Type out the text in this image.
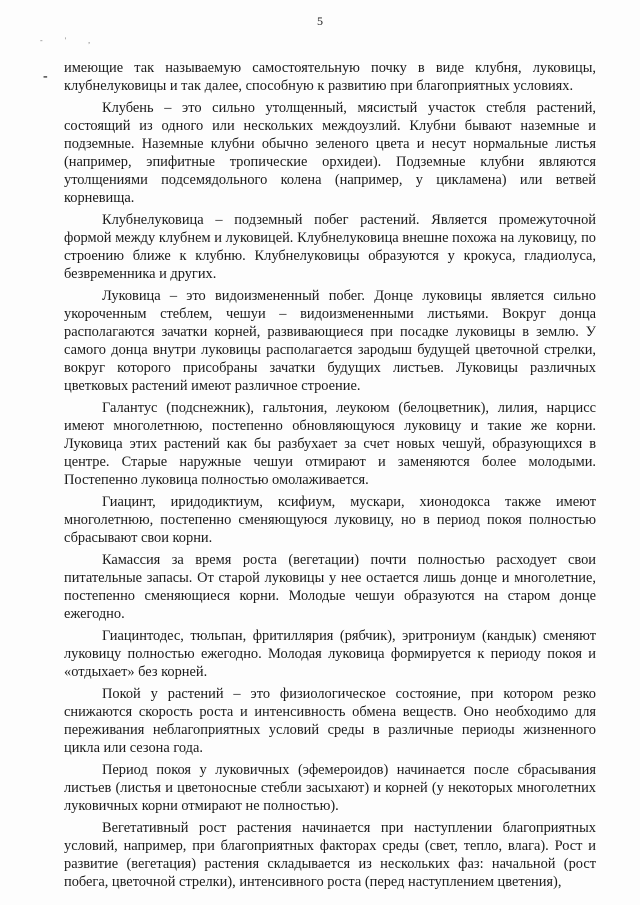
5
- ' ,
-

имеющие так называемую самостоятельную почку в виде клубня, луковицы, клубнелуковицы и так далее, способную к развитию при благоприятных условиях.

Клубень – это сильно утолщенный, мясистый участок стебля растений, состоящий из одного или нескольких междоузлий. Клубни бывают наземные и подземные. Наземные клубни обычно зеленого цвета и несут нормальные листья (например, эпифитные тропические орхидеи). Подземные клубни являются утолщениями подсемядольного колена (например, у цикламена) или ветвей корневища.

Клубнелуковица – подземный побег растений. Является промежуточной формой между клубнем и луковицей. Клубнелуковица внешне похожа на луковицу, по строению ближе к клубню. Клубнелуковицы образуются у крокуса, гладиолуса, безвременника и других.

Луковица – это видоизмененный побег. Донце луковицы является сильно укороченным стеблем, чешуи – видоизмененными листьями. Вокруг донца располагаются зачатки корней, развивающиеся при посадке луковицы в землю. У самого донца внутри луковицы располагается зародыш будущей цветочной стрелки, вокруг которого присобраны зачатки будущих листьев. Луковицы различных цветковых растений имеют различное строение.

Галантус (подснежник), гальтония, леукоюм (белоцветник), лилия, нарцисс имеют многолетнюю, постепенно обновляющуюся луковицу и такие же корни. Луковица этих растений как бы разбухает за счет новых чешуй, образующихся в центре. Старые наружные чешуи отмирают и заменяются более молодыми. Постепенно луковица полностью омолаживается.

Гиацинт, иридодиктиум, ксифиум, мускари, хионодокса также имеют многолетнюю, постепенно сменяющуюся луковицу, но в период покоя полностью сбрасывают свои корни.

Камассия за время роста (вегетации) почти полностью расходует свои питательные запасы. От старой луковицы у нее остается лишь донце и многолетние, постепенно сменяющиеся корни. Молодые чешуи образуются на старом донце ежегодно.

Гиацинтодес, тюльпан, фритиллярия (рябчик), эритрониум (кандык) сменяют луковицу полностью ежегодно. Молодая луковица формируется к периоду покоя и «отдыхает» без корней.

Покой у растений – это физиологическое состояние, при котором резко снижаются скорость роста и интенсивность обмена веществ. Оно необходимо для переживания неблагоприятных условий среды в различные периоды жизненного цикла или сезона года.

Период покоя у луковичных (эфемероидов) начинается после сбрасывания листьев (листья и цветоносные стебли засыхают) и корней (у некоторых многолетних луковичных корни отмирают не полностью).

Вегетативный рост растения начинается при наступлении благоприятных условий, например, при благоприятных факторах среды (свет, тепло, влага). Рост и развитие (вегетация) растения складывается из нескольких фаз: начальной (рост побега, цветочной стрелки), интенсивного роста (перед наступлением цветения),
